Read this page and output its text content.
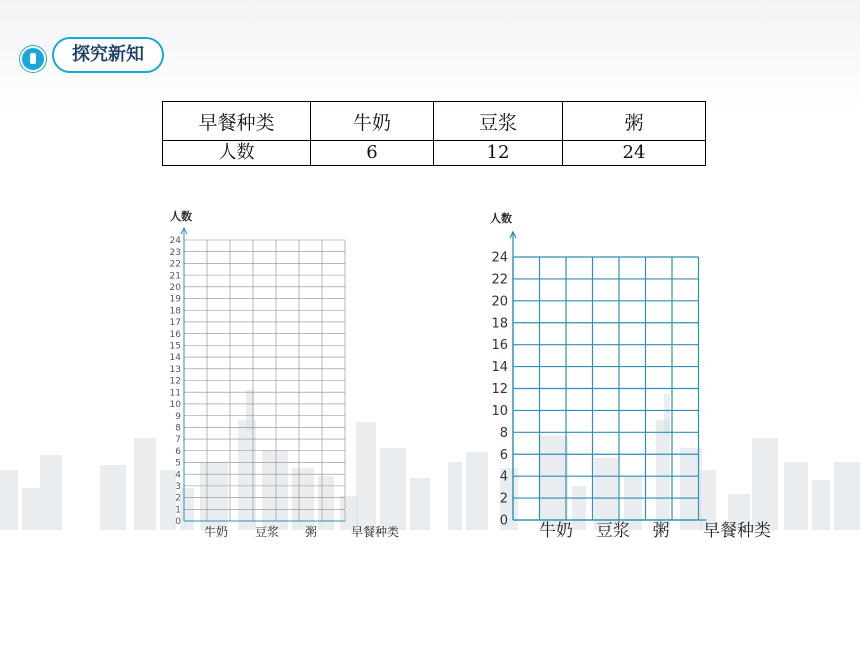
探究新知
早餐种类	牛奶	豆浆	粥
人数	6	12	24
0
1
2
3
4
5
6
7
8
9
10
11
12
13
14
15
16
17
18
19
20
21
22
23
24
人数
牛奶 豆浆 粥	早餐种类
0
2
4
6
8
10
12
14
16
18
20
22
24
人数
牛奶 豆浆 粥 早餐种类
